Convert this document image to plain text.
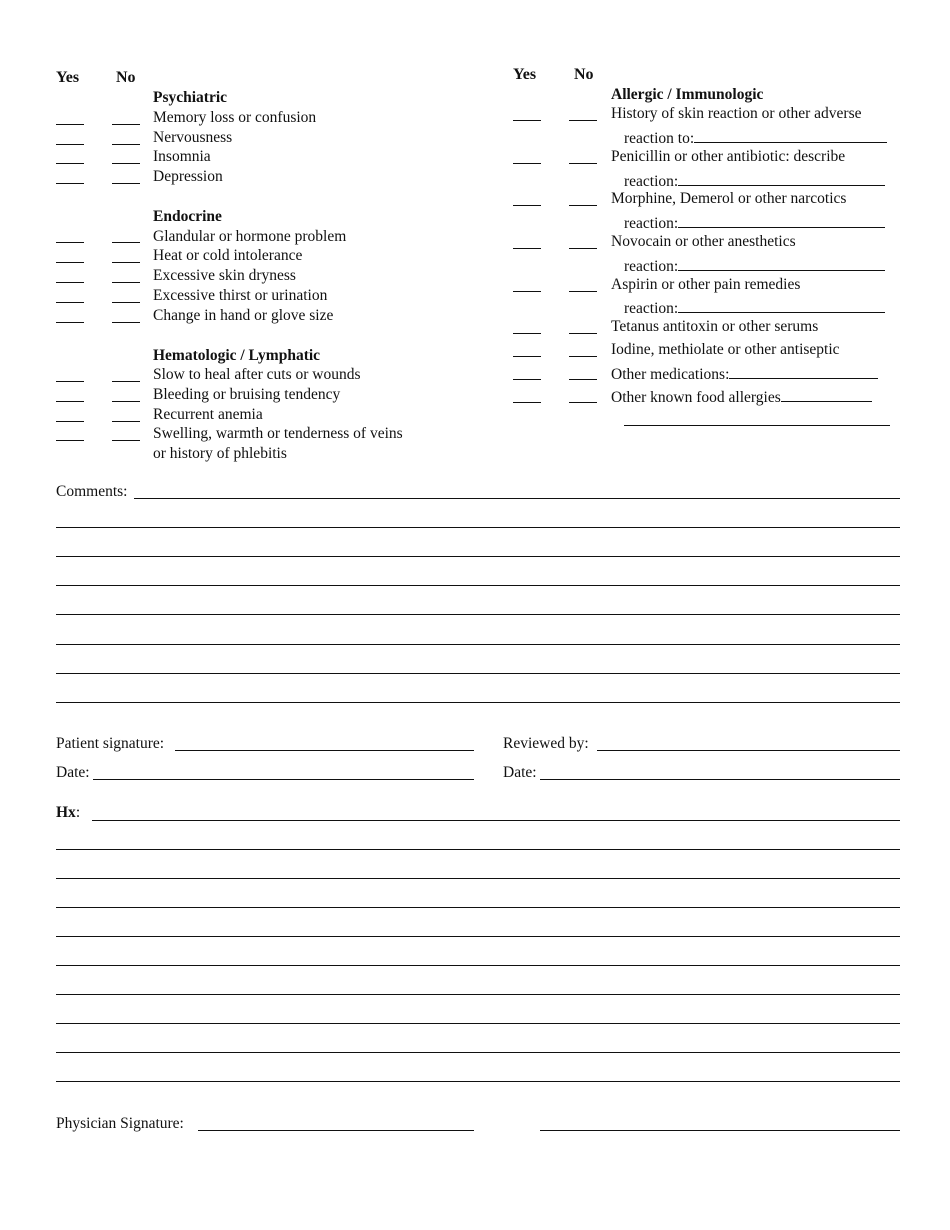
Yes No
Psychiatric
Memory loss or confusion
Nervousness
Insomnia
Depression
Endocrine
Glandular or hormone problem
Heat or cold intolerance
Excessive skin dryness
Excessive thirst or urination
Change in hand or glove size
Hematologic / Lymphatic
Slow to heal after cuts or wounds
Bleeding or bruising tendency
Recurrent anemia
Swelling, warmth or tenderness of veins
or history of phlebitis
Yes No
Allergic / Immunologic
History of skin reaction or other adverse
reaction to:
Penicillin or other antibiotic: describe
reaction:
Morphine, Demerol or other narcotics
reaction:
Novocain or other anesthetics
reaction:
Aspirin or other pain remedies
reaction:
Tetanus antitoxin or other serums
Iodine, methiolate or other antiseptic
Other medications:
Other known food allergies
Comments:
Patient signature:	Reviewed by:
Date:	Date:
Hx:
Physician Signature:
